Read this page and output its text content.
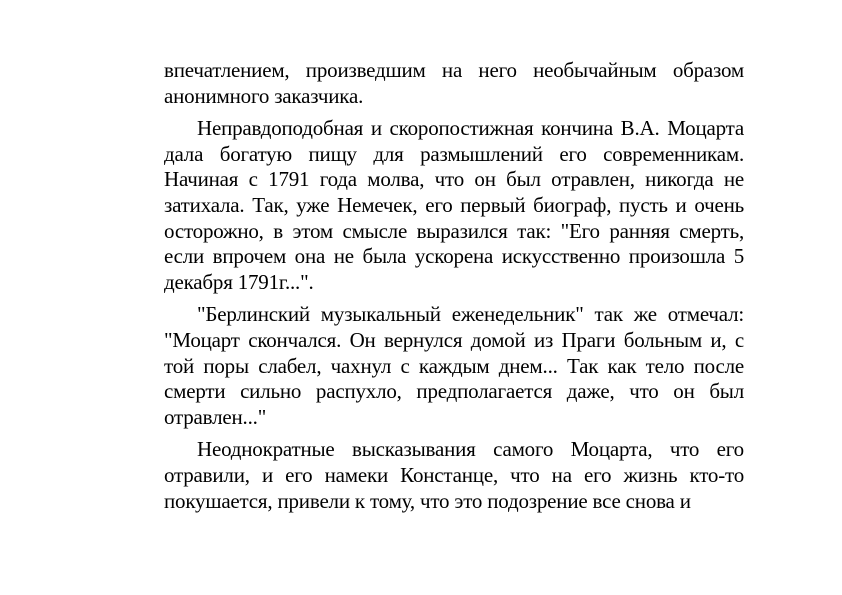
впечатлением, произведшим на него необычайным образом анонимного заказчика.

Неправдоподобная и скоропостижная кончина В.А. Моцарта дала богатую пищу для размышлений его современникам. Начиная с 1791 года молва, что он был отравлен, никогда не затихала. Так, уже Немечек, его первый биограф, пусть и очень осторожно, в этом смысле выразился так: "Его ранняя смерть, если впрочем она не была ускорена искусственно произошла 5 декабря 1791г...".

"Берлинский музыкальный еженедельник" так же отмечал: "Моцарт скончался. Он вернулся домой из Праги больным и, с той поры слабел, чахнул с каждым днем... Так как тело после смерти сильно распухло, предполагается даже, что он был отравлен..."

Неоднократные высказывания самого Моцарта, что его отравили, и его намеки Констанце, что на его жизнь кто-то покушается, привели к тому, что это подозрение все снова и
